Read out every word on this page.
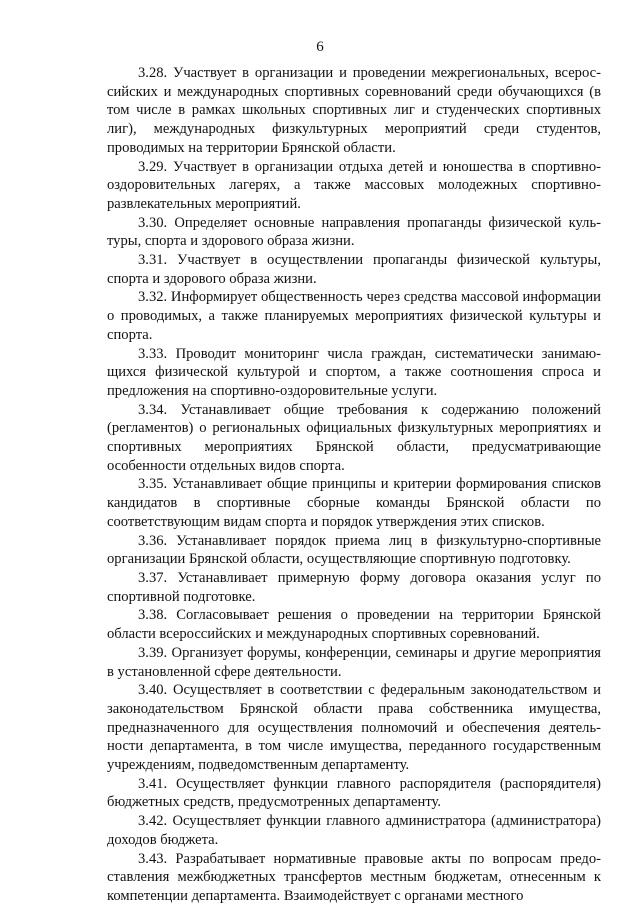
6

3.28. Участвует в организации и проведении межрегиональных, всероссийских и международных спортивных соревнований среди обучающихся (в том числе в рамках школьных спортивных лиг и студенческих спортивных лиг), международных физкультурных мероприятий среди студентов, проводимых на территории Брянской области.

3.29. Участвует в организации отдыха детей и юношества в спортивно-оздоровительных лагерях, а также массовых молодежных спортивно-развлекательных мероприятий.

3.30. Определяет основные направления пропаганды физической культуры, спорта и здорового образа жизни.

3.31. Участвует в осуществлении пропаганды физической культуры, спорта и здорового образа жизни.

3.32. Информирует общественность через средства массовой информации о проводимых, а также планируемых мероприятиях физической культуры и спорта.

3.33. Проводит мониторинг числа граждан, систематически занимающихся физической культурой и спортом, а также соотношения спроса и предложения на спортивно-оздоровительные услуги.

3.34. Устанавливает общие требования к содержанию положений (регламентов) о региональных официальных физкультурных мероприятиях и спортивных мероприятиях Брянской области, предусматривающие особенности отдельных видов спорта.

3.35. Устанавливает общие принципы и критерии формирования списков кандидатов в спортивные сборные команды Брянской области по соответствующим видам спорта и порядок утверждения этих списков.

3.36. Устанавливает порядок приема лиц в физкультурно-спортивные организации Брянской области, осуществляющие спортивную подготовку.

3.37. Устанавливает примерную форму договора оказания услуг по спортивной подготовке.

3.38. Согласовывает решения о проведении на территории Брянской области всероссийских и международных спортивных соревнований.

3.39. Организует форумы, конференции, семинары и другие мероприятия в установленной сфере деятельности.

3.40. Осуществляет в соответствии с федеральным законодательством и законодательством Брянской области права собственника имущества, предназначенного для осуществления полномочий и обеспечения деятельности департамента, в том числе имущества, переданного государственным учреждениям, подведомственным департаменту.

3.41. Осуществляет функции главного распорядителя (распорядителя) бюджетных средств, предусмотренных департаменту.

3.42. Осуществляет функции главного администратора (администратора) доходов бюджета.

3.43. Разрабатывает нормативные правовые акты по вопросам предоставления межбюджетных трансфертов местным бюджетам, отнесенным к компетенции департамента. Взаимодействует с органами местного
